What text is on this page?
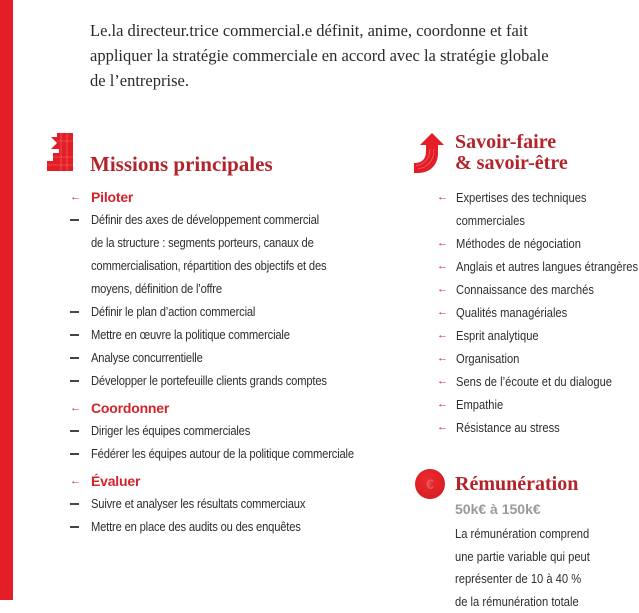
Le.la directeur.trice commercial.e définit, anime, coordonne et fait
appliquer la stratégie commerciale en accord avec la stratégie globale
de l’entreprise.
Missions principales
← Piloter
Définir des axes de développement commercial
de la structure : segments porteurs, canaux de
commercialisation, répartition des objectifs et des
moyens, définition de l’offre
Définir le plan d’action commercial
Mettre en œuvre la politique commerciale
Analyse concurrentielle
Développer le portefeuille clients grands comptes
← Coordonner
Diriger les équipes commerciales
Fédérer les équipes autour de la politique commerciale
← Évaluer
Suivre et analyser les résultats commerciaux
Mettre en place des audits ou des enquêtes
Savoir-faire
& savoir-être
← Expertises des techniques
commerciales
← Méthodes de négociation
← Anglais et autres langues étrangères
← Connaissance des marchés
← Qualités managériales
← Esprit analytique
← Organisation
← Sens de l’écoute et du dialogue
← Empathie
← Résistance au stress
€	Rémunération
50k€ à 150k€
La rémunération comprend
une partie variable qui peut
représenter de 10 à 40 %
de la rémunération totale
